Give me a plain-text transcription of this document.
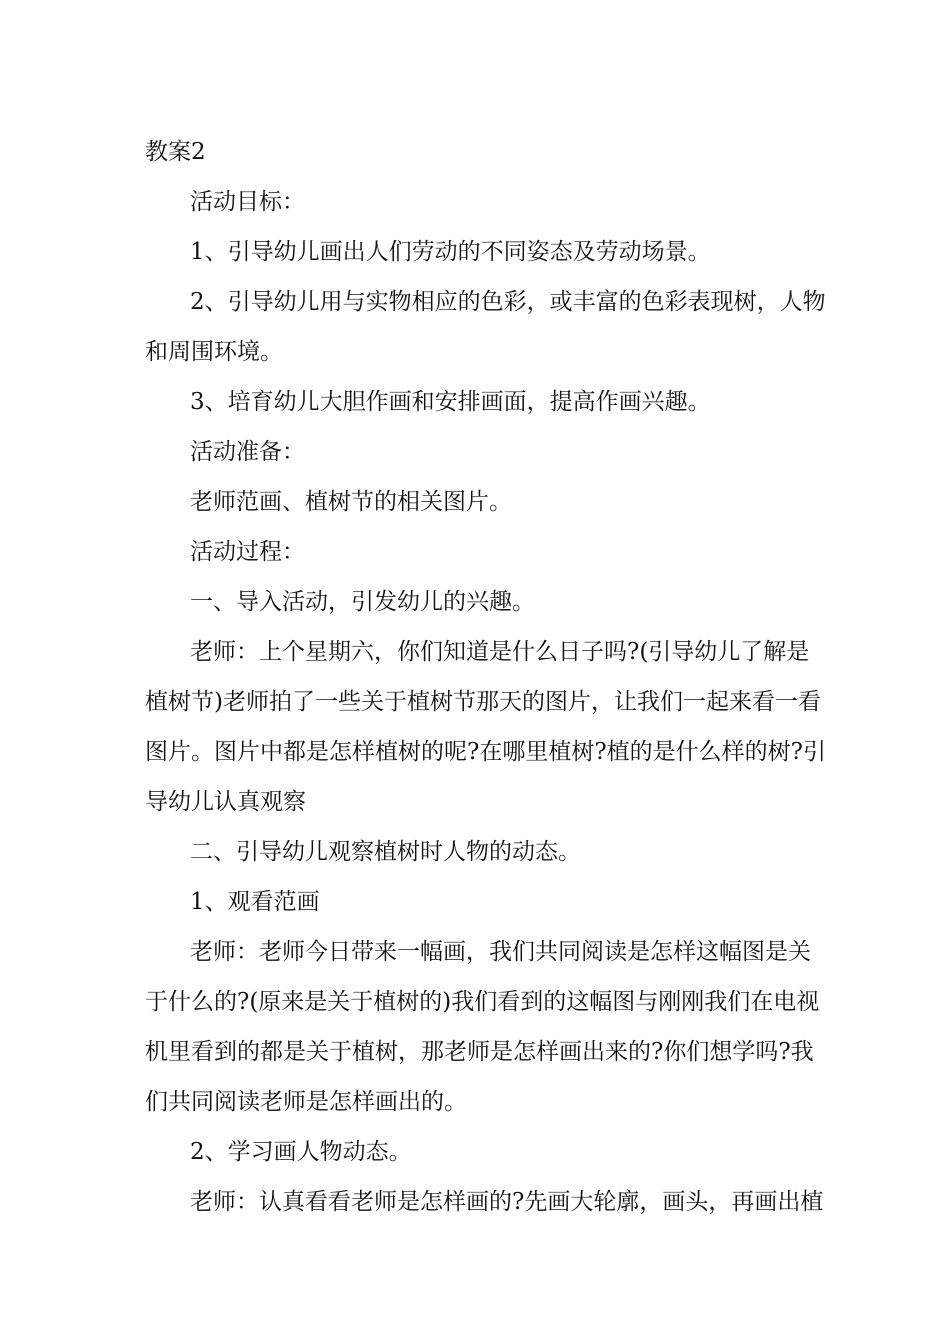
教案2
活动目标：
1、引导幼儿画出人们劳动的不同姿态及劳动场景。
2、引导幼儿用与实物相应的色彩，或丰富的色彩表现树，人物
和周围环境。
3、培育幼儿大胆作画和安排画面，提高作画兴趣。
活动准备：
老师范画、植树节的相关图片。
活动过程：
一、导入活动，引发幼儿的兴趣。
老师：上个星期六，你们知道是什么日子吗?(引导幼儿了解是
植树节)老师拍了一些关于植树节那天的图片，让我们一起来看一看
图片。图片中都是怎样植树的呢?在哪里植树?植的是什么样的树?引
导幼儿认真观察
二、引导幼儿观察植树时人物的动态。
1、观看范画
老师：老师今日带来一幅画，我们共同阅读是怎样这幅图是关
于什么的?(原来是关于植树的)我们看到的这幅图与刚刚我们在电视
机里看到的都是关于植树，那老师是怎样画出来的?你们想学吗?我
们共同阅读老师是怎样画出的。
2、学习画人物动态。
老师：认真看看老师是怎样画的?先画大轮廓，画头，再画出植
